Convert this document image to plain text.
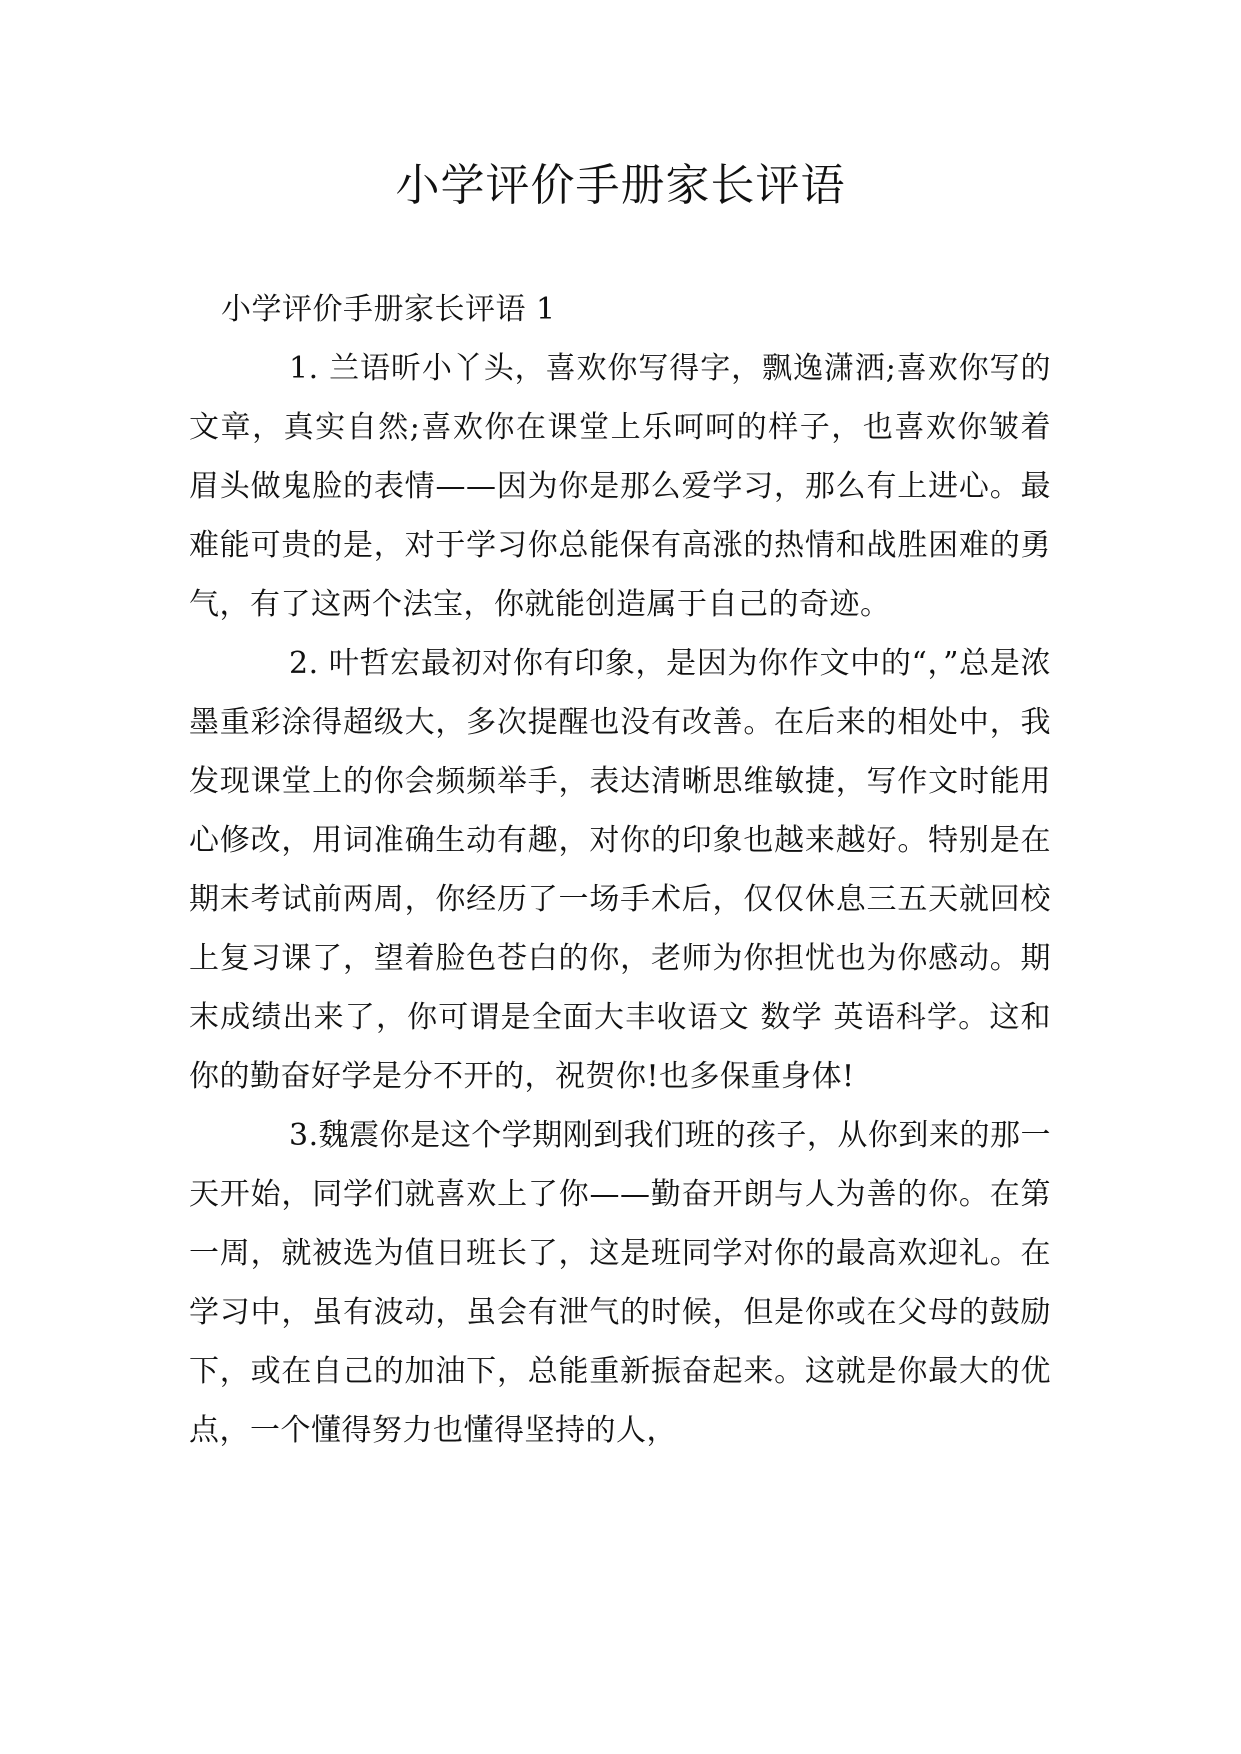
小学评价手册家长评语

小学评价手册家长评语 1

1. 兰语昕小丫头，喜欢你写得字，飘逸潇洒;喜欢你写的文章，真实自然;喜欢你在课堂上乐呵呵的样子，也喜欢你皱着眉头做鬼脸的表情——因为你是那么爱学习，那么有上进心。最难能可贵的是，对于学习你总能保有高涨的热情和战胜困难的勇气，有了这两个法宝，你就能创造属于自己的奇迹。

2. 叶哲宏最初对你有印象，是因为你作文中的“，”总是浓墨重彩涂得超级大，多次提醒也没有改善。在后来的相处中，我发现课堂上的你会频频举手，表达清晰思维敏捷，写作文时能用心修改，用词准确生动有趣，对你的印象也越来越好。特别是在期末考试前两周，你经历了一场手术后，仅仅休息三五天就回校上复习课了，望着脸色苍白的你，老师为你担忧也为你感动。期末成绩出来了，你可谓是全面大丰收语文 数学 英语科学。这和你的勤奋好学是分不开的，祝贺你!也多保重身体!

3.魏震你是这个学期刚到我们班的孩子，从你到来的那一天开始，同学们就喜欢上了你——勤奋开朗与人为善的你。在第一周，就被选为值日班长了，这是班同学对你的最高欢迎礼。在学习中，虽有波动，虽会有泄气的时候，但是你或在父母的鼓励下，或在自己的加油下，总能重新振奋起来。这就是你最大的优点，一个懂得努力也懂得坚持的人，
